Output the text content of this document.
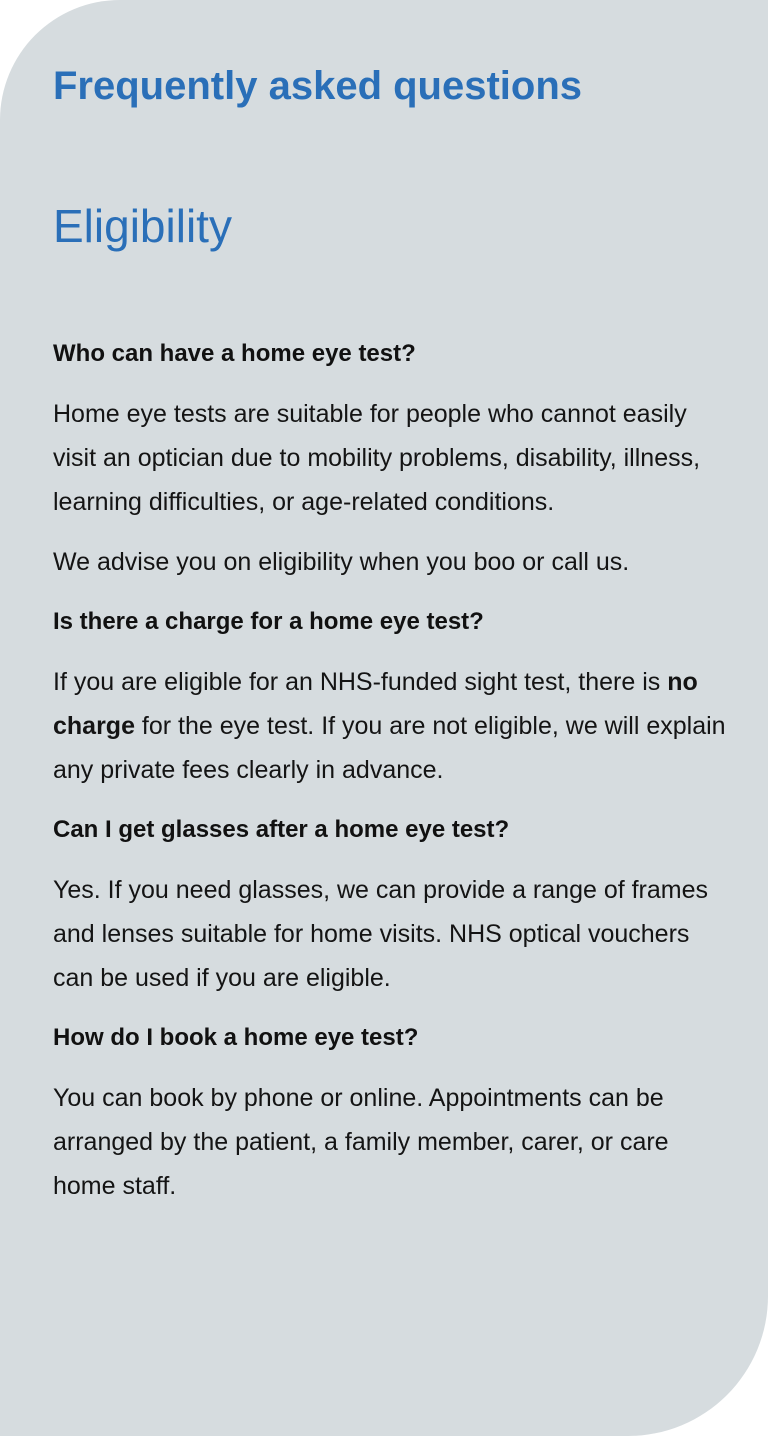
Frequently asked questions
Eligibility

Who can have a home eye test?

Home eye tests are suitable for people who cannot easily visit an optician due to mobility problems, disability, illness, learning difficulties, or age-related conditions.

We advise you on eligibility when you boo or call us.

Is there a charge for a home eye test?

If you are eligible for an NHS-funded sight test, there is no charge for the eye test. If you are not eligible, we will explain any private fees clearly in advance.

Can I get glasses after a home eye test?

Yes. If you need glasses, we can provide a range of frames and lenses suitable for home visits. NHS optical vouchers can be used if you are eligible.

How do I book a home eye test?

You can book by phone or online. Appointments can be arranged by the patient, a family member, carer, or care home staff.
